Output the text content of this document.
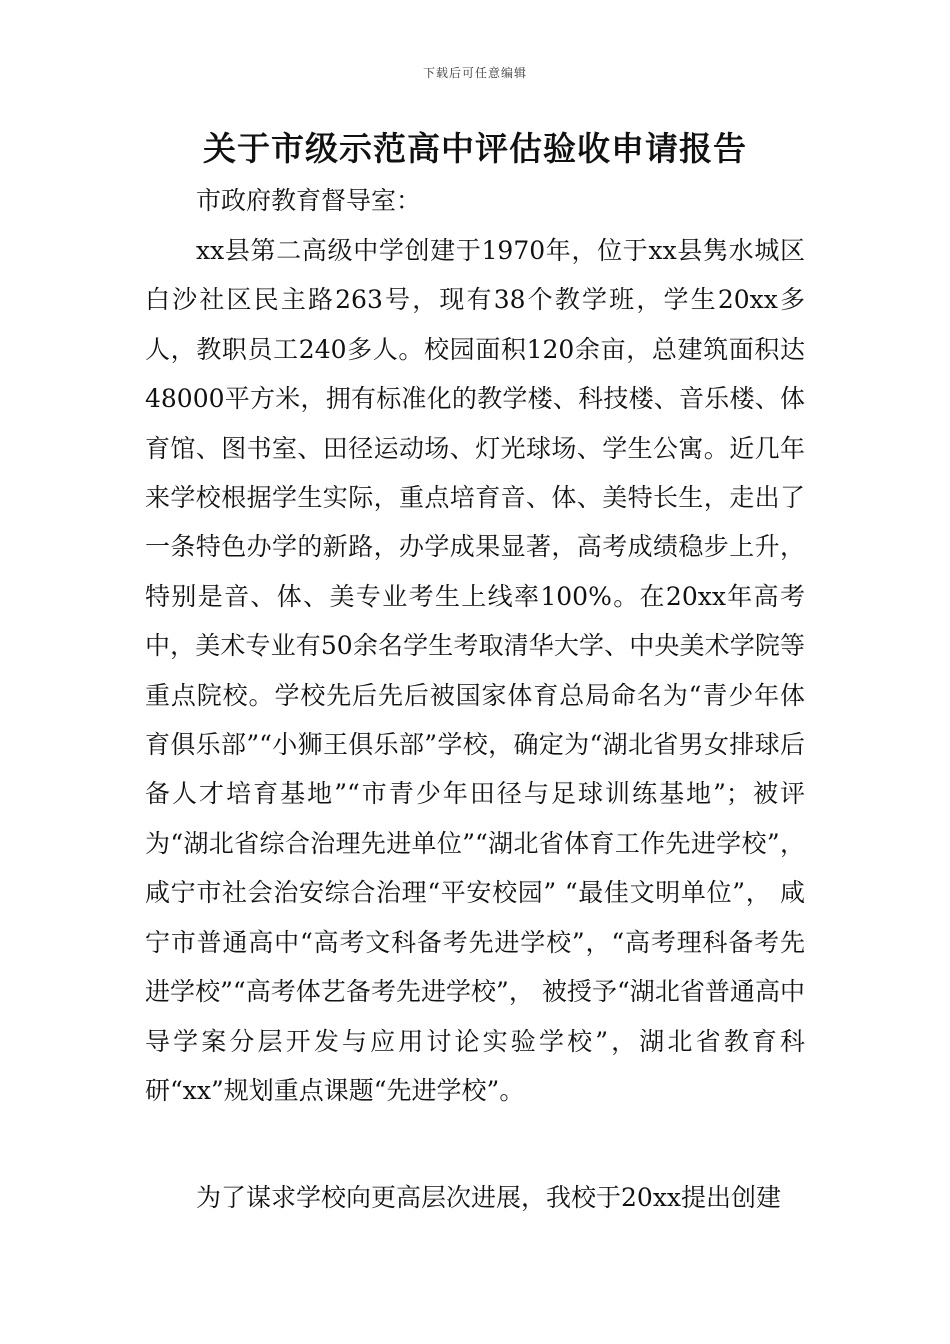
下载后可任意编辑
关于市级示范高中评估验收申请报告

市政府教育督导室：

xx县第二高级中学创建于1970年，位于xx县隽水城区白沙社区民主路263号，现有38个教学班，学生20xx多人，教职员工240多人。校园面积120余亩，总建筑面积达48000平方米，拥有标准化的教学楼、科技楼、音乐楼、体育馆、图书室、田径运动场、灯光球场、学生公寓。近几年来学校根据学生实际，重点培育音、体、美特长生，走出了一条特色办学的新路，办学成果显著，高考成绩稳步上升，特别是音、体、美专业考生上线率100%。在20xx年高考中，美术专业有50余名学生考取清华大学、中央美术学院等重点院校。学校先后先后被国家体育总局命名为“青少年体育俱乐部”“小狮王俱乐部”学校，确定为“湖北省男女排球后备人才培育基地”“市青少年田径与足球训练基地”；被评为“湖北省综合治理先进单位”“湖北省体育工作先进学校”，咸宁市社会治安综合治理“平安校园” “最佳文明单位”， 咸宁市普通高中“高考文科备考先进学校”，“高考理科备考先进学校”“高考体艺备考先进学校”， 被授予“湖北省普通高中导学案分层开发与应用讨论实验学校”，湖北省教育科研“xx”规划重点课题“先进学校”。

为了谋求学校向更高层次进展，我校于20xx提出创建
